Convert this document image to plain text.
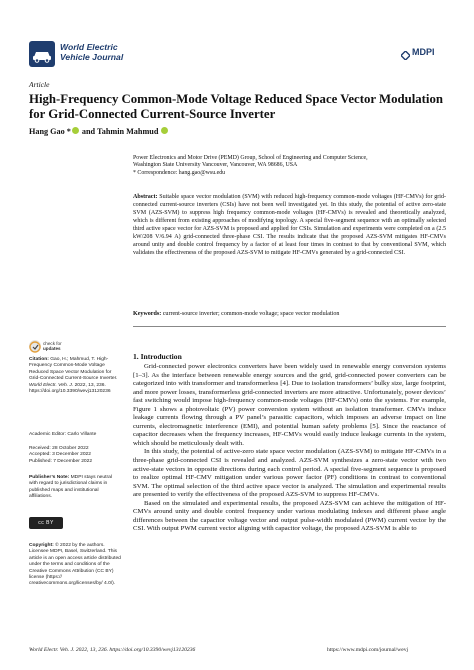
World Electric
Vehicle Journal	MDPI
Article
High-Frequency Common-Mode Voltage Reduced Space Vector Modulation for Grid-Connected Current-Source Inverter
Hang Gao * and Tahmin Mahmud
Power Electronics and Motor Drive (PEMD) Group, School of Engineering and Computer Science,
Washington State University Vancouver, Vancouver, WA 98686, USA
* Correspondence: hang.gao@wsu.edu
Abstract: Suitable space vector modulation (SVM) with reduced high-frequency common-mode voltages (HF-CMVs) for grid-connected current-source inverters (CSIs) have not been well investigated yet. In this study, the potential of active zero-state SVM (AZS-SVM) to suppress high frequency common-mode voltages (HF-CMVs) is revealed and theoretically analyzed, which is different from existing approaches of modifying topology. A special five-segment sequence with an optimally selected third active space vector for AZS-SVM is proposed and applied for CSIs. Simulation and experiments were completed on a (2.5 kW/208 V/6.94 A) grid-connected three-phase CSI. The results indicate that the proposed AZS-SVM mitigates HF-CMVs around unity and double control frequency by a factor of at least four times in contrast to that by conventional SVM, which validates the effectiveness of the proposed AZS-SVM to mitigate HF-CMVs generated by a grid-connected CSI.
Keywords: current-source inverter; common-mode voltage; space vector modulation
check for
updates
Citation: Gao, H.; Mahmud, T. High-Frequency Common-Mode Voltage Reduced Space Vector Modulation for Grid-Connected Current-Source Inverter. World Electr. Veh. J. 2022, 13, 236. https://doi.org/10.3390/wevj13120236
Academic Editor: Carlo Villante
Received: 28 October 2022
Accepted: 3 December 2022
Published: 7 December 2022
Publisher’s Note: MDPI stays neutral with regard to jurisdictional claims in published maps and institutional affiliations.
cc BY
Copyright: © 2022 by the authors. Licensee MDPI, Basel, Switzerland. This article is an open access article distributed under the terms and conditions of the Creative Commons Attribution (CC BY) license (https:// creativecommons.org/licenses/by/ 4.0/).
1. Introduction

Grid-connected power electronics converters have been widely used in renewable energy conversion systems [1–3]. As the interface between renewable energy sources and the grid, grid-connected power converters can be categorized into with transformer and transformerless [4]. Due to isolation transformers’ bulky size, large footprint, and more power losses, transformerless grid-connected inverters are more attractive. Unfortunately, power devices’ fast switching would impose high-frequency common-mode voltages (HF-CMVs) onto the systems. For example, Figure 1 shows a photovoltaic (PV) power conversion system without an isolation transformer. CMVs induce leakage currents flowing through a PV panel’s parasitic capacitors, which imposes an adverse impact on line currents, electromagnetic interference (EMI), and potential human safety problems [5]. Since the reactance of capacitor decreases when the frequency increases, HF-CMVs would easily induce leakage currents in the system, which should be meticulously dealt with.

In this study, the potential of active-zero state space vector modulation (AZS-SVM) to mitigate HF-CMVs in a three-phase grid-connected CSI is revealed and analyzed. AZS-SVM synthesizes a zero-state vector with two active-state vectors in opposite directions during each control period. A special five-segment sequence is proposed to realize optimal HF-CMV mitigation under various power factor (PF) conditions in contrast to conventional SVM. The optimal selection of the third active space vector is analyzed. The simulation and experimental results are presented to verify the effectiveness of the proposed AZS-SVM to suppress HF-CMVs.

Based on the simulated and experimental results, the proposed AZS-SVM can achieve the mitigation of HF-CMVs around unity and double control frequency under various modulating indexes and different phase angle differences between the capacitor voltage vector and output pulse-width modulated (PWM) current vector by the CSI. With output PWM current vector aligning with capacitor voltage, the proposed AZS-SVM is able to

World Electr. Veh. J. 2022, 13, 236. https://doi.org/10.3390/wevj13120236	https://www.mdpi.com/journal/wevj
